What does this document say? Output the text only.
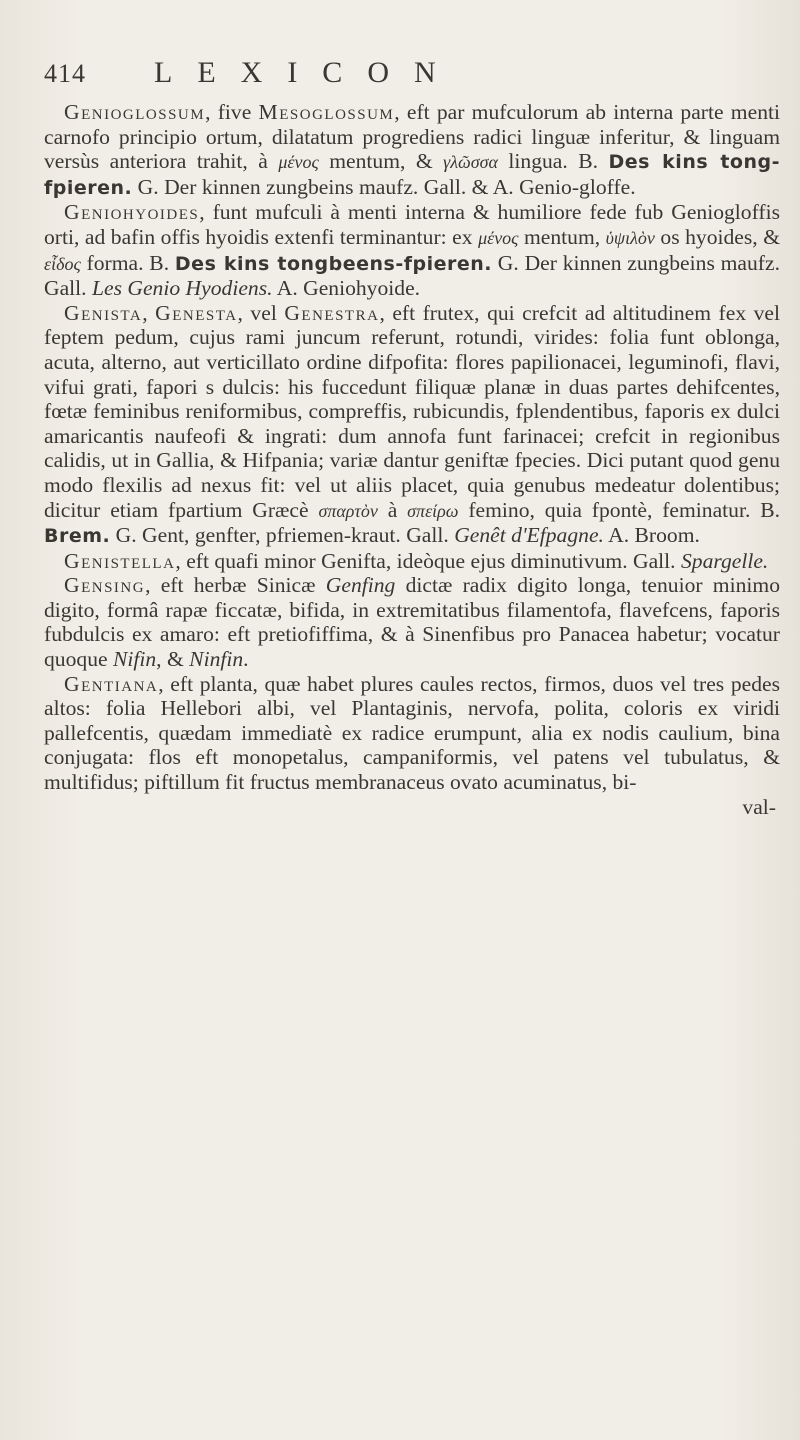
414	LEXICON

Genioglossum, five Mesoglossum, eft par mufculorum ab interna parte menti carnofo principio ortum, dilatatum progrediens radici linguæ inferitur, & linguam versùs anteriora trahit, à μένος mentum, & γλῶσσα lingua. B. Des kins tong-fpieren. G. Der kinnen zungbeins maufz. Gall. & A. Genio-gloffe.

Geniohyoides, funt mufculi à menti interna & humiliore fede fub Geniogloffis orti, ad bafin offis hyoidis extenfi terminantur: ex μένος mentum, ὑψιλὸν os hyoides, & εἶδος forma. B. Des kins tongbeens-fpieren. G. Der kinnen zungbeins maufz. Gall. Les Genio Hyodiens. A. Geniohyoide.

Genista, Genesta, vel Genestra, eft frutex, qui crefcit ad altitudinem fex vel feptem pedum, cujus rami juncum referunt, rotundi, virides: folia funt oblonga, acuta, alterno, aut verticillato ordine difpofita: flores papilionacei, leguminofi, flavi, vifui grati, fapori s dulcis: his fuccedunt filiquæ planæ in duas partes dehifcentes, fœtæ feminibus reniformibus, compreffis, rubicundis, fplendentibus, faporis ex dulci amaricantis naufeofi & ingrati: dum annofa funt farinacei; crefcit in regionibus calidis, ut in Gallia, & Hifpania; variæ dantur geniftæ fpecies. Dici putant quod genu modo flexilis ad nexus fit: vel ut aliis placet, quia genubus medeatur dolentibus; dicitur etiam fpartium Græcè σπαρτὸν à σπείρω femino, quia fpontè, feminatur. B. Brem. G. Gent, genfter, pfriemen-kraut. Gall. Genêt d'Efpagne. A. Broom.

Genistella, eft quafi minor Genifta, ideòque ejus diminutivum. Gall. Spargelle.

Gensing, eft herbæ Sinicæ Genfing dictæ radix digito longa, tenuior minimo digito, formâ rapæ ficcatæ, bifida, in extremitatibus filamentofa, flavefcens, faporis fubdulcis ex amaro: eft pretiofiffima, & à Sinenfibus pro Panacea habetur; vocatur quoque Nifin, & Ninfin.

Gentiana, eft planta, quæ habet plures caules rectos, firmos, duos vel tres pedes altos: folia Hellebori albi, vel Plantaginis, nervofa, polita, coloris ex viridi pallefcentis, quædam immediatè ex radice erumpunt, alia ex nodis caulium, bina conjugata: flos eft monopetalus, campaniformis, vel patens vel tubulatus, & multifidus; piftillum fit fructus membranaceus ovato acuminatus, bi-

val-
